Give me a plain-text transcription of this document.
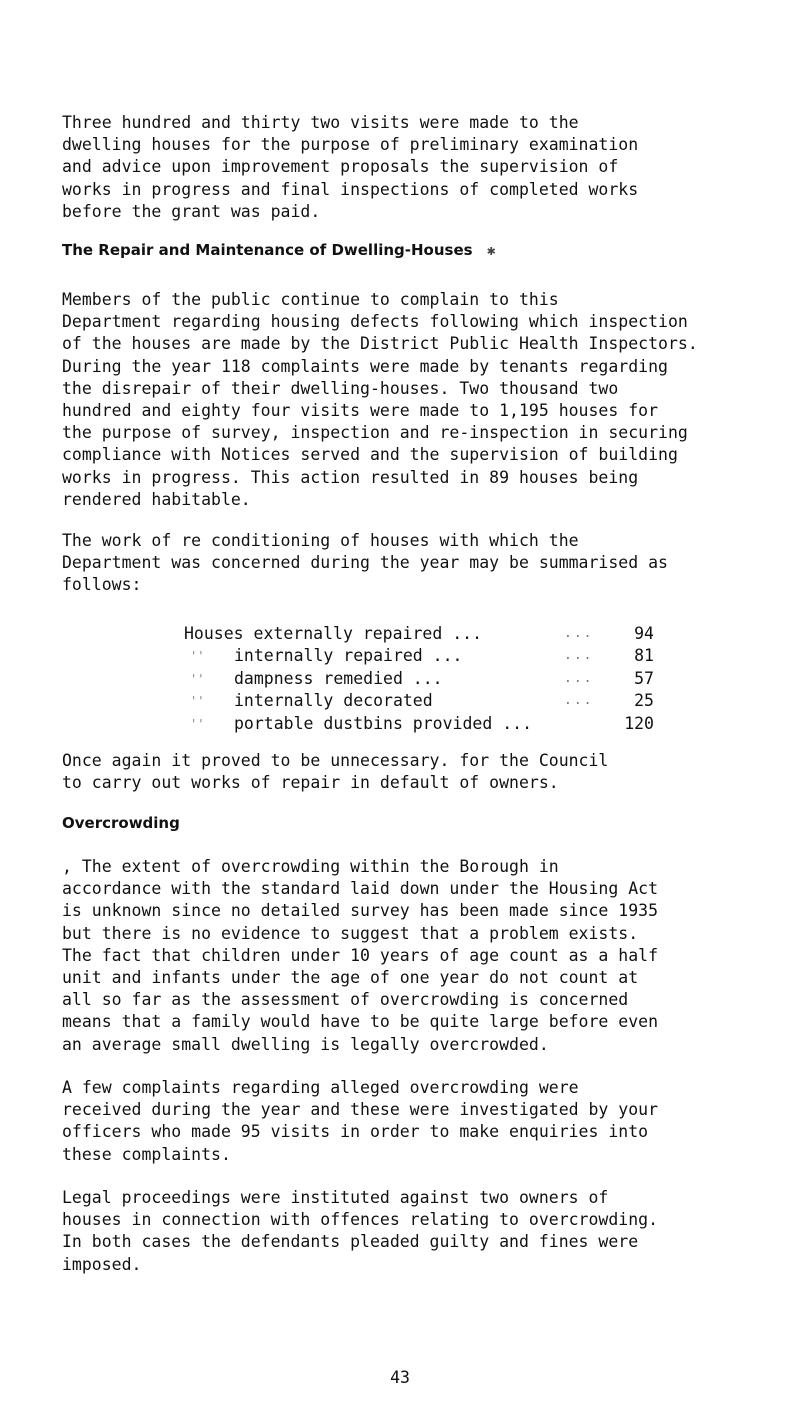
Three hundred and thirty two visits were made to the
dwelling houses for the purpose of preliminary examination
and advice upon improvement proposals the supervision of
works in progress and final inspections of completed works
before the grant was paid.
The Repair and Maintenance of Dwelling-Houses ✱
Members of the public continue to complain to this
Department regarding housing defects following which inspection
of the houses are made by the District Public Health Inspectors.
During the year 118 complaints were made by tenants regarding
the disrepair of their dwelling-houses. Two thousand two
hundred and eighty four visits were made to 1,195 houses for
the purpose of survey, inspection and re-inspection in securing
compliance with Notices served and the supervision of building
works in progress. This action resulted in 89 houses being
rendered habitable.
The work of re conditioning of houses with which the
Department was concerned during the year may be summarised as
follows:
Houses externally repaired ...	... 94
'' internally repaired ...	... 81
'' dampness remedied ...	... 57
'' internally decorated	... 25
'' portable dustbins provided ...	120
Once again it proved to be unnecessary. for the Council
to carry out works of repair in default of owners.
Overcrowding
, The extent of overcrowding within the Borough in
accordance with the standard laid down under the Housing Act
is unknown since no detailed survey has been made since 1935
but there is no evidence to suggest that a problem exists.
The fact that children under 10 years of age count as a half
unit and infants under the age of one year do not count at
all so far as the assessment of overcrowding is concerned
means that a family would have to be quite large before even
an average small dwelling is legally overcrowded.
A few complaints regarding alleged overcrowding were
received during the year and these were investigated by your
officers who made 95 visits in order to make enquiries into
these complaints.
Legal proceedings were instituted against two owners of
houses in connection with offences relating to overcrowding.
In both cases the defendants pleaded guilty and fines were
imposed.
43
